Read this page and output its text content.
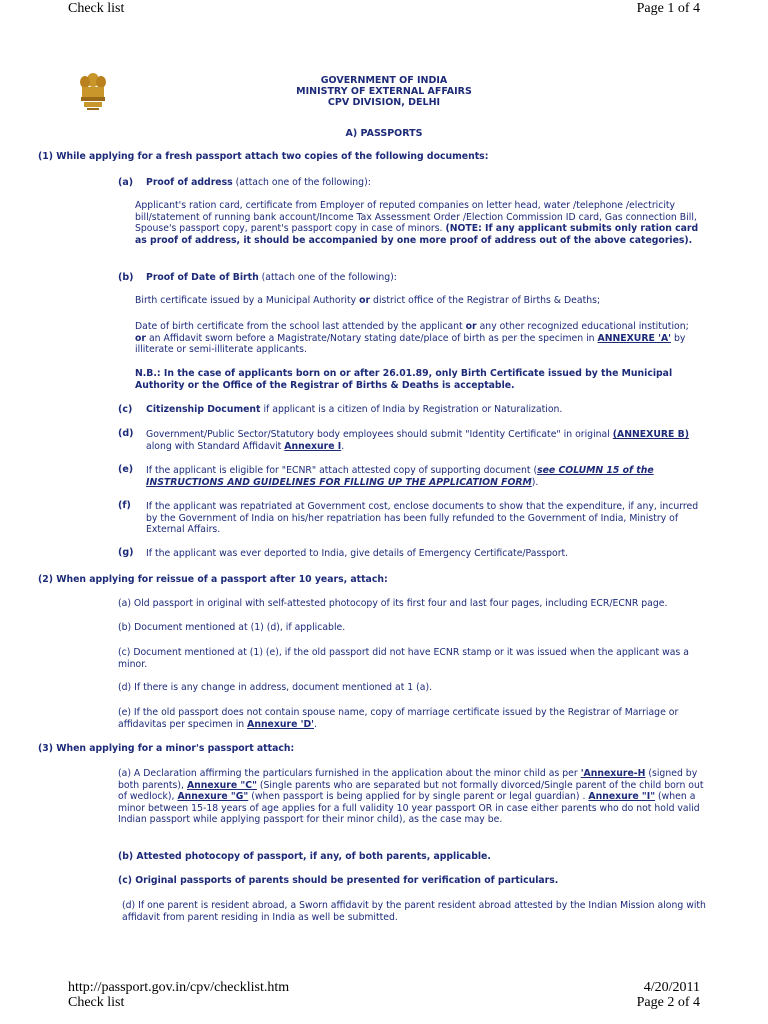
Check list	Page 1 of 4
GOVERNMENT OF INDIA
MINISTRY OF EXTERNAL AFFAIRS
CPV DIVISION, DELHI
A) PASSPORTS
(1) While applying for a fresh passport attach two copies of the following documents:
(a) Proof of address (attach one of the following):
Applicant's ration card, certificate from Employer of reputed companies on letter head, water /telephone /electricity bill/statement of running bank account/Income Tax Assessment Order /Election Commission ID card, Gas connection Bill, Spouse's passport copy, parent's passport copy in case of minors. (NOTE: If any applicant submits only ration card as proof of address, it should be accompanied by one more proof of address out of the above categories).
(b) Proof of Date of Birth (attach one of the following):
Birth certificate issued by a Municipal Authority or district office of the Registrar of Births & Deaths;
Date of birth certificate from the school last attended by the applicant or any other recognized educational institution; or an Affidavit sworn before a Magistrate/Notary stating date/place of birth as per the specimen in ANNEXURE 'A' by illiterate or semi-illiterate applicants.
N.B.: In the case of applicants born on or after 26.01.89, only Birth Certificate issued by the Municipal Authority or the Office of the Registrar of Births & Deaths is acceptable.
(c) Citizenship Document if applicant is a citizen of India by Registration or Naturalization.
(d) Government/Public Sector/Statutory body employees should submit "Identity Certificate" in original (ANNEXURE B) along with Standard Affidavit Annexure I.
(e) If the applicant is eligible for "ECNR" attach attested copy of supporting document (see COLUMN 15 of the INSTRUCTIONS AND GUIDELINES FOR FILLING UP THE APPLICATION FORM).
(f) If the applicant was repatriated at Government cost, enclose documents to show that the expenditure, if any, incurred by the Government of India on his/her repatriation has been fully refunded to the Government of India, Ministry of External Affairs.
(g) If the applicant was ever deported to India, give details of Emergency Certificate/Passport.
(2) When applying for reissue of a passport after 10 years, attach:
(a) Old passport in original with self-attested photocopy of its first four and last four pages, including ECR/ECNR page.
(b) Document mentioned at (1) (d), if applicable.
(c) Document mentioned at (1) (e), if the old passport did not have ECNR stamp or it was issued when the applicant was a minor.
(d) If there is any change in address, document mentioned at 1 (a).
(e) If the old passport does not contain spouse name, copy of marriage certificate issued by the Registrar of Marriage or affidavitas per specimen in Annexure 'D'.
(3) When applying for a minor's passport attach:
(a) A Declaration affirming the particulars furnished in the application about the minor child as per 'Annexure-H (signed by both parents), Annexure "C" (Single parents who are separated but not formally divorced/Single parent of the child born out of wedlock), Annexure "G" (when passport is being applied for by single parent or legal guardian) . Annexure "I" (when a minor between 15-18 years of age applies for a full validity 10 year passport OR in case either parents who do not hold valid Indian passport while applying passport for their minor child), as the case may be.
(b) Attested photocopy of passport, if any, of both parents, applicable.
(c) Original passports of parents should be presented for verification of particulars.
(d) If one parent is resident abroad, a Sworn affidavit by the parent resident abroad attested by the Indian Mission along with affidavit from parent residing in India as well be submitted.
http://passport.gov.in/cpv/checklist.htm	4/20/2011
Check list	Page 2 of 4
